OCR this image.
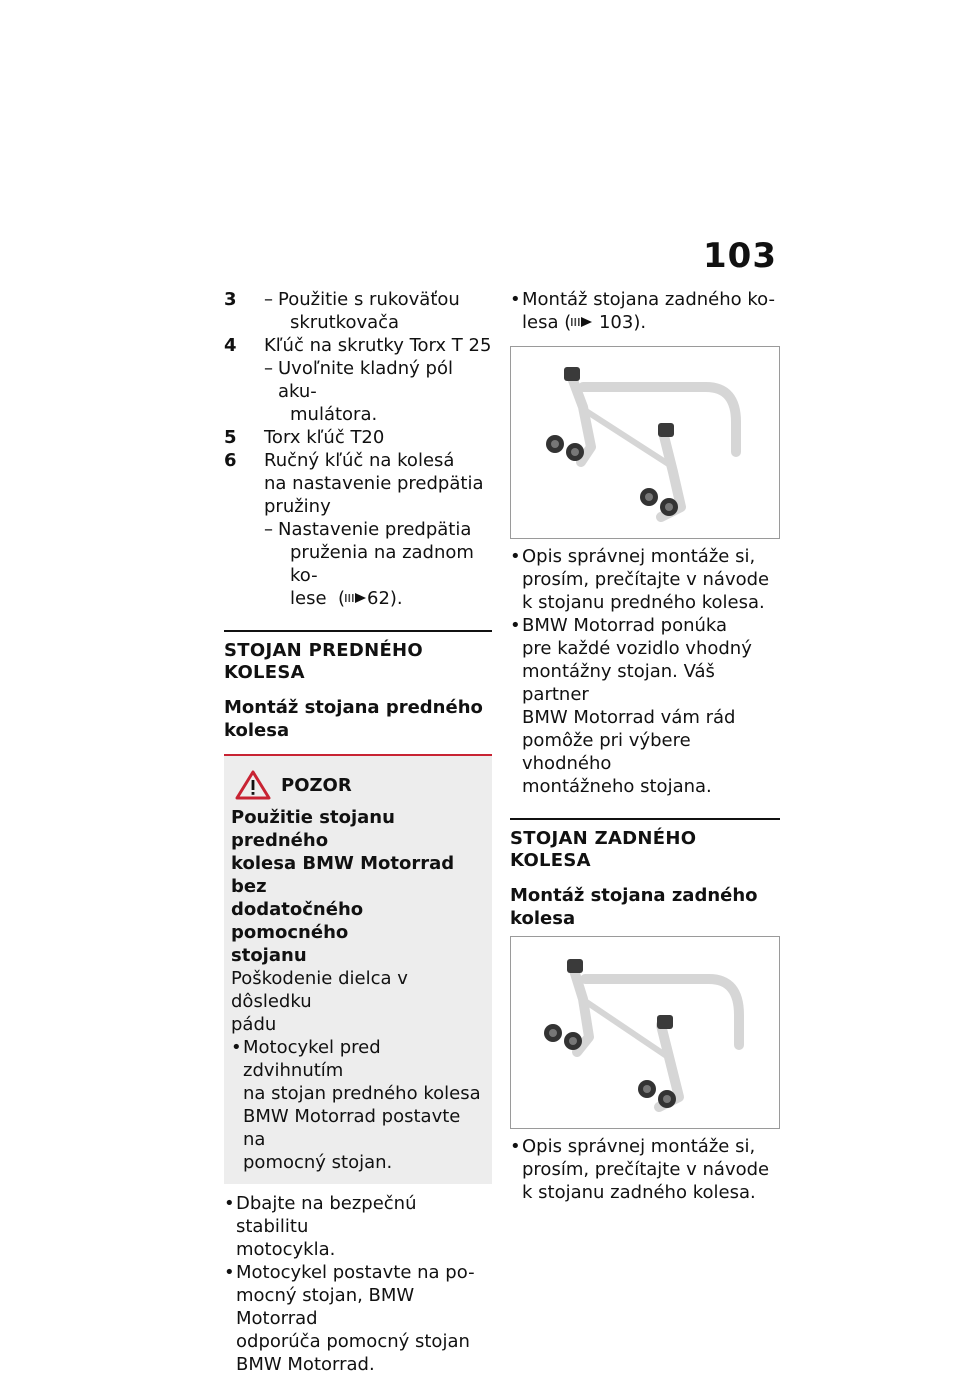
103
3	– Použitie s rukoväťou
skrutkovača
4	Kľúč na skrutky Torx T 25
– Uvoľnite kladný pól aku-
mulátora.
5	Torx kľúč T20
6	Ručný kľúč na kolesá
na nastavenie predpätia
pružiny
– Nastavenie predpätia
pruženia na zadnom ko-
lese  ( 62).
STOJAN PREDNÉHO KOLESA
Montáž stojana predného
kolesa
POZOR
Použitie stojanu predného
kolesa BMW Motorrad bez
dodatočného pomocného
stojanu
Poškodenie dielca v dôsledku
pádu
• Motocykel pred zdvihnutím
na stojan predného kolesa
BMW Motorrad postavte na
pomocný stojan.
• Dbajte na bezpečnú stabilitu
motocykla.
• Motocykel postavte na po-
mocný stojan, BMW Motorrad
odporúča pomocný stojan
BMW Motorrad.
• Montáž stojana zadného ko-
lesa ( 103).
• Opis správnej montáže si,
prosím, prečítajte v návode
k stojanu predného kolesa.
• BMW Motorrad ponúka
pre každé vozidlo vhodný
montážny stojan. Váš partner
BMW Motorrad vám rád
pomôže pri výbere vhodného
montážneho stojana.
STOJAN ZADNÉHO KOLESA
Montáž stojana zadného
kolesa
• Opis správnej montáže si,
prosím, prečítajte v návode
k stojanu zadného kolesa.
